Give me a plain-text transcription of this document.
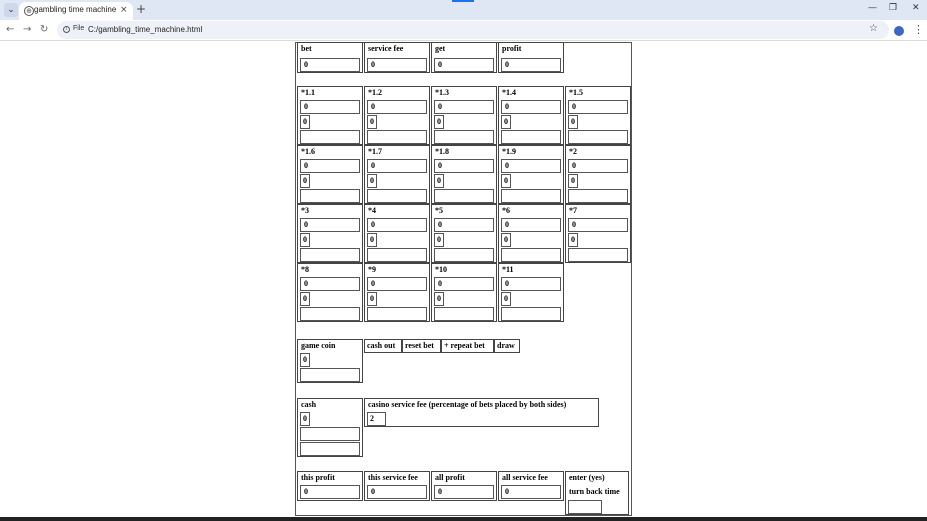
⌄	⊕ gambling time machine × +	— ❐ ✕
← → ↻	i File C:/gambling_time_machine.html	☆	⋮
bet
0
service fee
0
get
0
profit
0
*1.1
0
0
*1.2
0
0
*1.3
0
0
*1.4
0
0
*1.5
0
0
*1.6
0
0
*1.7
0
0
*1.8
0
0
*1.9
0
0
*2
0
0
*3
0
0
*4
0
0
*5
0
0
*6
0
0
*7
0
0
*8
0
0
*9
0
0
*10
0
0
*11
0
0
game coin
0
cash out	reset bet	+ repeat bet	draw
cash
0
casino service fee (percentage of bets placed by both sides)
2
this profit
0
this service fee
0
all profit
0
all service fee
0
enter (yes)
turn back time
